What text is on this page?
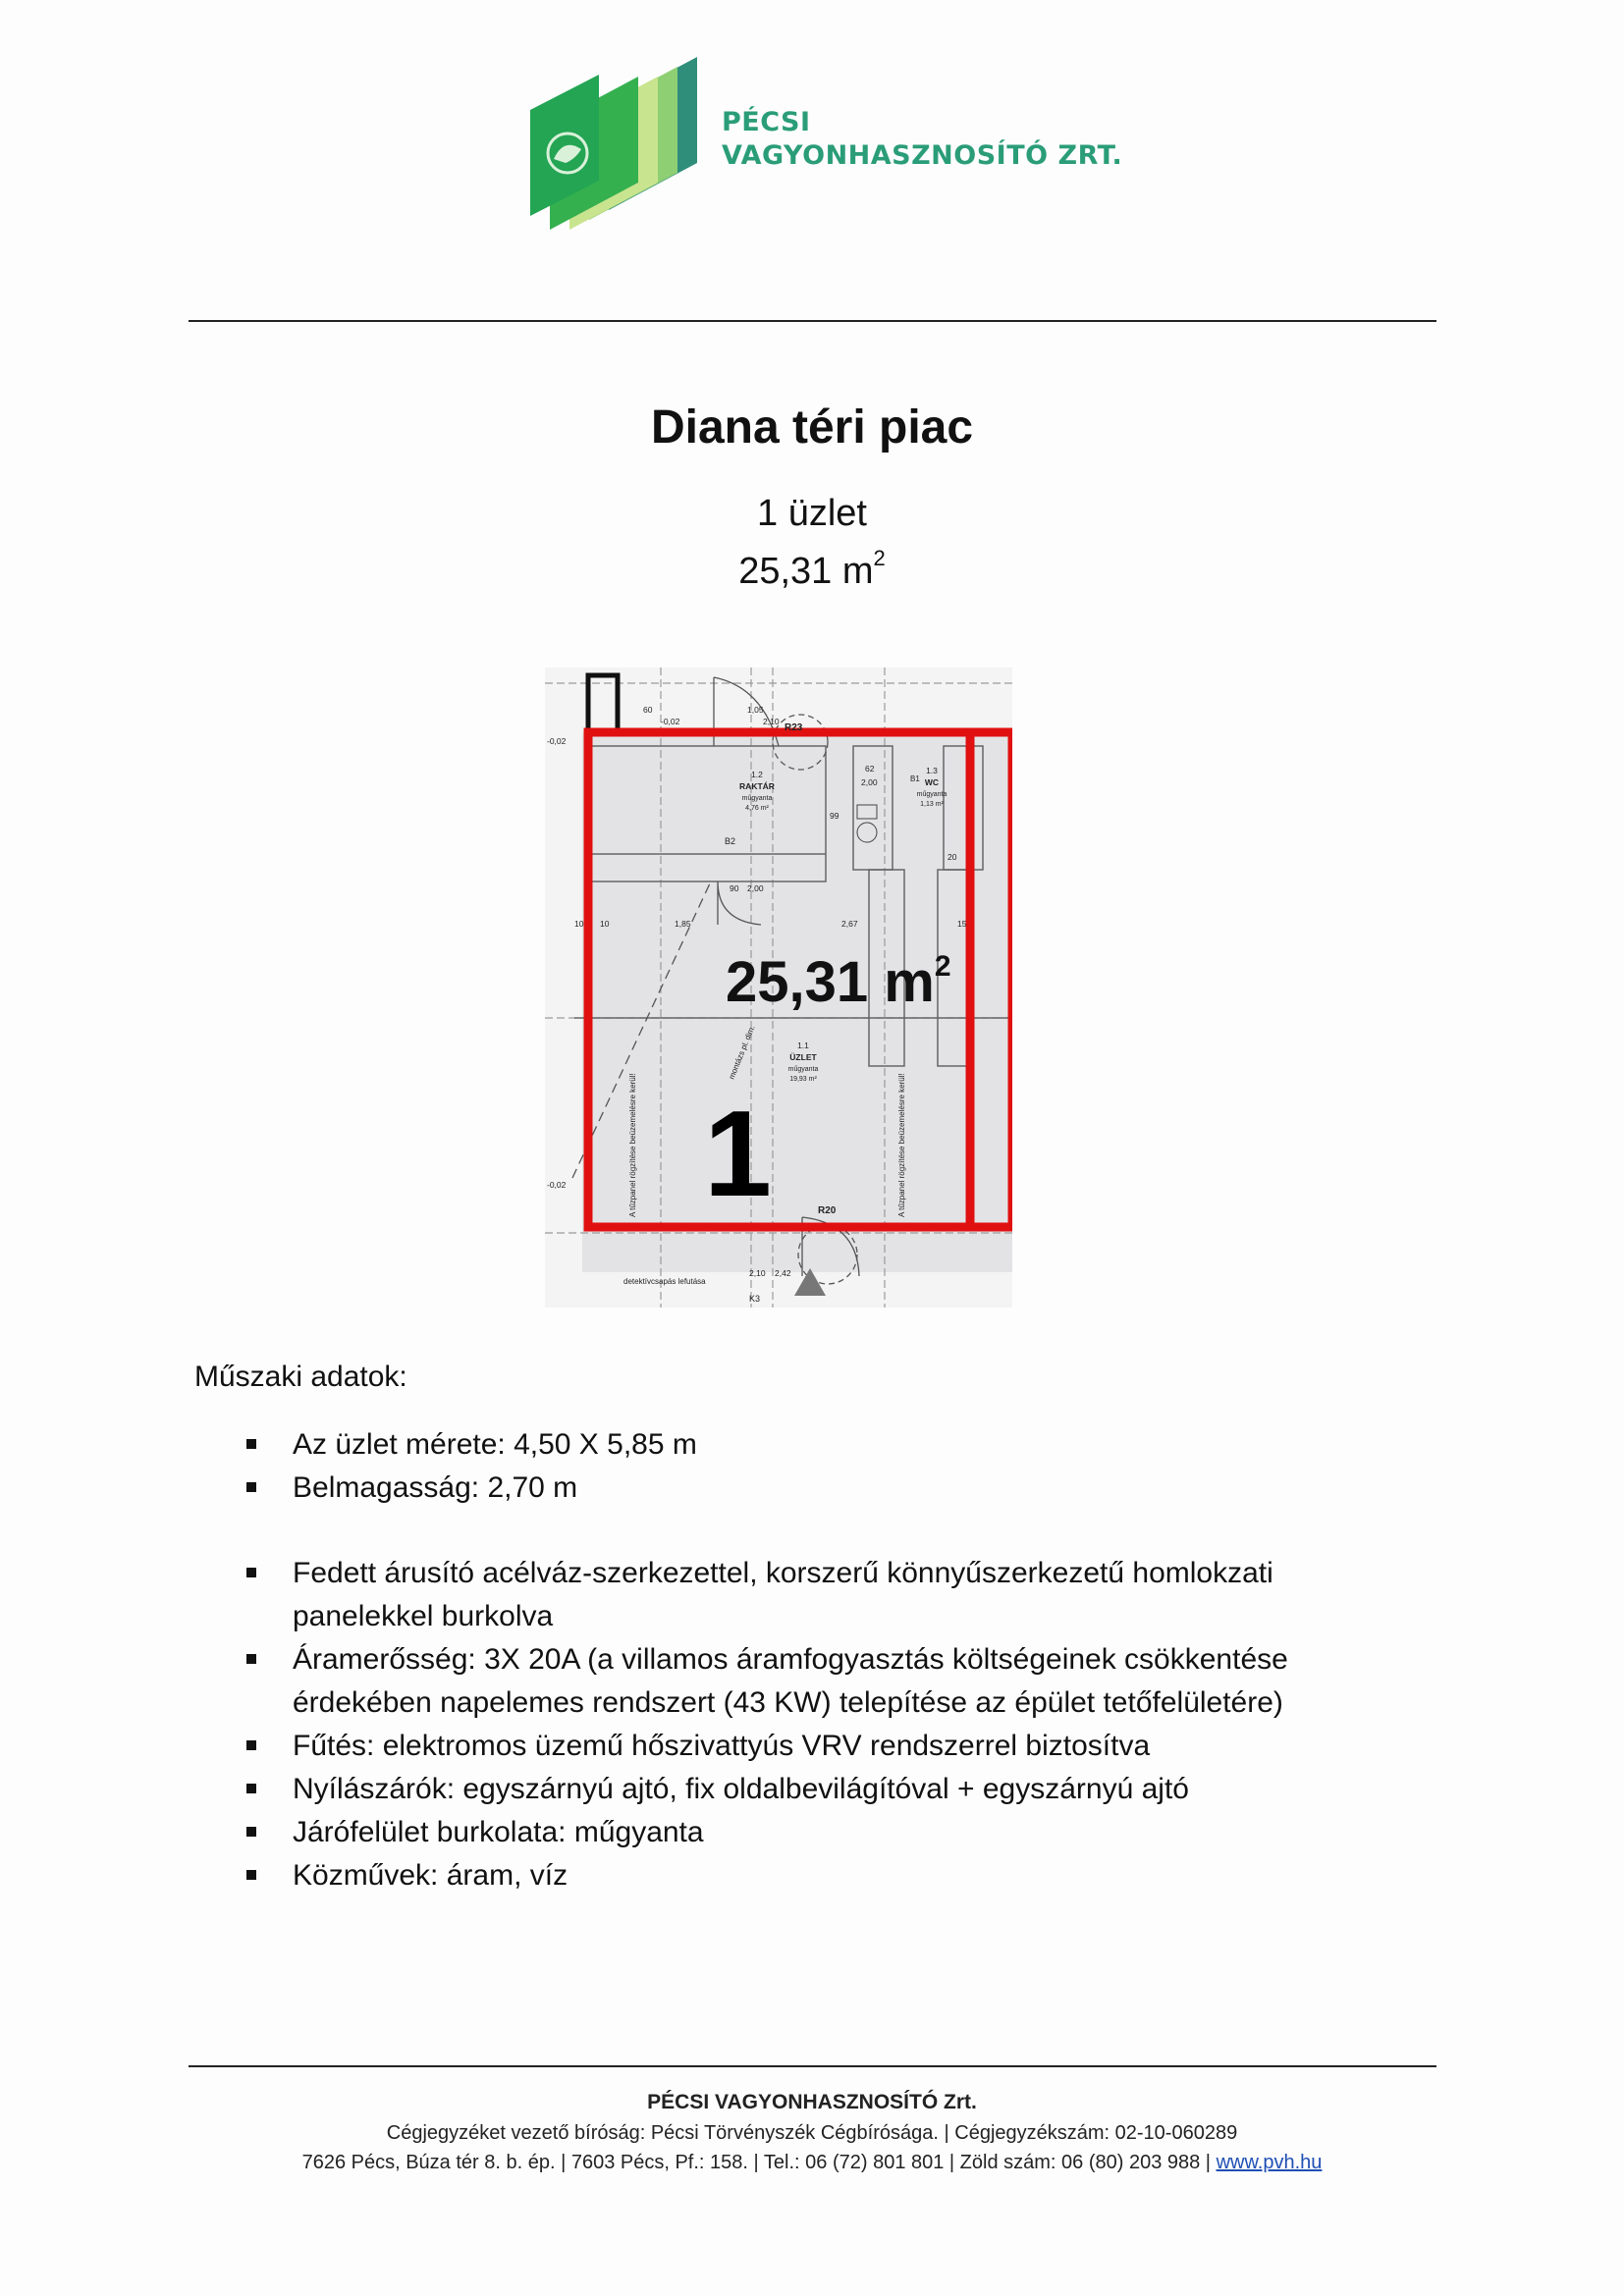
PÉCSI
VAGYONHASZNOSÍTÓ ZRT.
Diana téri piac
1 üzlet
25,31 $m^2$
-0,02
-0,02
1,05
2,10
60
R23
62
2,00
90 2,00
99
20
B2
B1
10 10	1,85	2,67	15
-0,02
2,42
2,10
K3
R20
detektívcsapás lefutása
1.2
RAKTÁR
műgyanta
4,76 m²
1.3
WC
műgyanta
1,13 m²
1.1
ÜZLET
műgyanta
19,93 m²
montázs pl. dim.
A tűzpanel rögzítése beüzemelésre kerül!	A tűzpanel rögzítése beüzemelésre kerül!
25,31 $m^2$
1
Műszaki adatok:
Az üzlet mérete: 4,50 X 5,85 m
Belmagasság: 2,70 m
Fedett árusító acélváz-szerkezettel, korszerű könnyűszerkezetű homlokzati panelekkel burkolva
Áramerősség: 3X 20A (a villamos áramfogyasztás költségeinek csökkentése érdekében napelemes rendszert (43 KW) telepítése az épület tetőfelületére)
Fűtés: elektromos üzemű hőszivattyús VRV rendszerrel biztosítva
Nyílászárók: egyszárnyú ajtó, fix oldalbevilágítóval + egyszárnyú ajtó
Járófelület burkolata: műgyanta
Közművek: áram, víz
PÉCSI VAGYONHASZNOSÍTÓ Zrt.
Cégjegyzéket vezető bíróság: Pécsi Törvényszék Cégbírósága. | Cégjegyzékszám: 02-10-060289
7626 Pécs, Búza tér 8. b. ép. | 7603 Pécs, Pf.: 158. | Tel.: 06 (72) 801 801 | Zöld szám: 06 (80) 203 988 | www.pvh.hu
